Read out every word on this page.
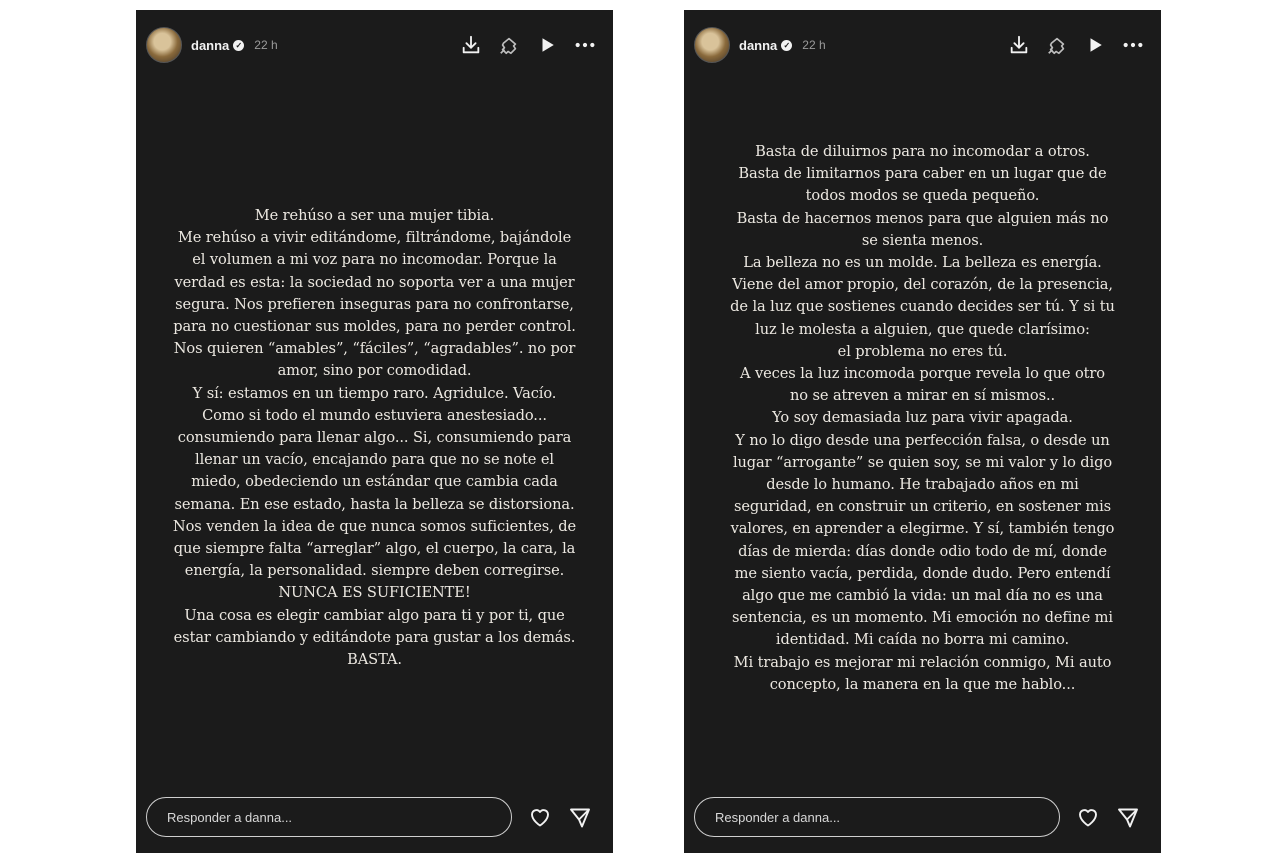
danna ✓ 22 h

Me rehúso a ser una mujer tibia.

Me rehúso a vivir editándome, filtrándome, bajándole

el volumen a mi voz para no incomodar. Porque la

verdad es esta: la sociedad no soporta ver a una mujer

segura. Nos prefieren inseguras para no confrontarse,

para no cuestionar sus moldes, para no perder control.

Nos quieren “amables”, “fáciles”, “agradables”. no por

amor, sino por comodidad.

Y sí: estamos en un tiempo raro. Agridulce. Vacío.

Como si todo el mundo estuviera anestesiado...

consumiendo para llenar algo... Si, consumiendo para

llenar un vacío, encajando para que no se note el

miedo, obedeciendo un estándar que cambia cada

semana. En ese estado, hasta la belleza se distorsiona.

Nos venden la idea de que nunca somos suficientes, de

que siempre falta “arreglar” algo, el cuerpo, la cara, la

energía, la personalidad. siempre deben corregirse.

NUNCA ES SUFICIENTE!

Una cosa es elegir cambiar algo para ti y por ti, que

estar cambiando y editándote para gustar a los demás.

BASTA.

Responder a danna...
danna ✓ 22 h

Basta de diluirnos para no incomodar a otros.

Basta de limitarnos para caber en un lugar que de

todos modos se queda pequeño.

Basta de hacernos menos para que alguien más no

se sienta menos.

La belleza no es un molde. La belleza es energía.

Viene del amor propio, del corazón, de la presencia,

de la luz que sostienes cuando decides ser tú. Y si tu

luz le molesta a alguien, que quede clarísimo:

el problema no eres tú.

A veces la luz incomoda porque revela lo que otro

no se atreven a mirar en sí mismos..

Yo soy demasiada luz para vivir apagada.

Y no lo digo desde una perfección falsa, o desde un

lugar “arrogante” se quien soy, se mi valor y lo digo

desde lo humano. He trabajado años en mi

seguridad, en construir un criterio, en sostener mis

valores, en aprender a elegirme. Y sí, también tengo

días de mierda: días donde odio todo de mí, donde

me siento vacía, perdida, donde dudo. Pero entendí

algo que me cambió la vida: un mal día no es una

sentencia, es un momento. Mi emoción no define mi

identidad. Mi caída no borra mi camino.

Mi trabajo es mejorar mi relación conmigo, Mi auto

concepto, la manera en la que me hablo...

Responder a danna...
